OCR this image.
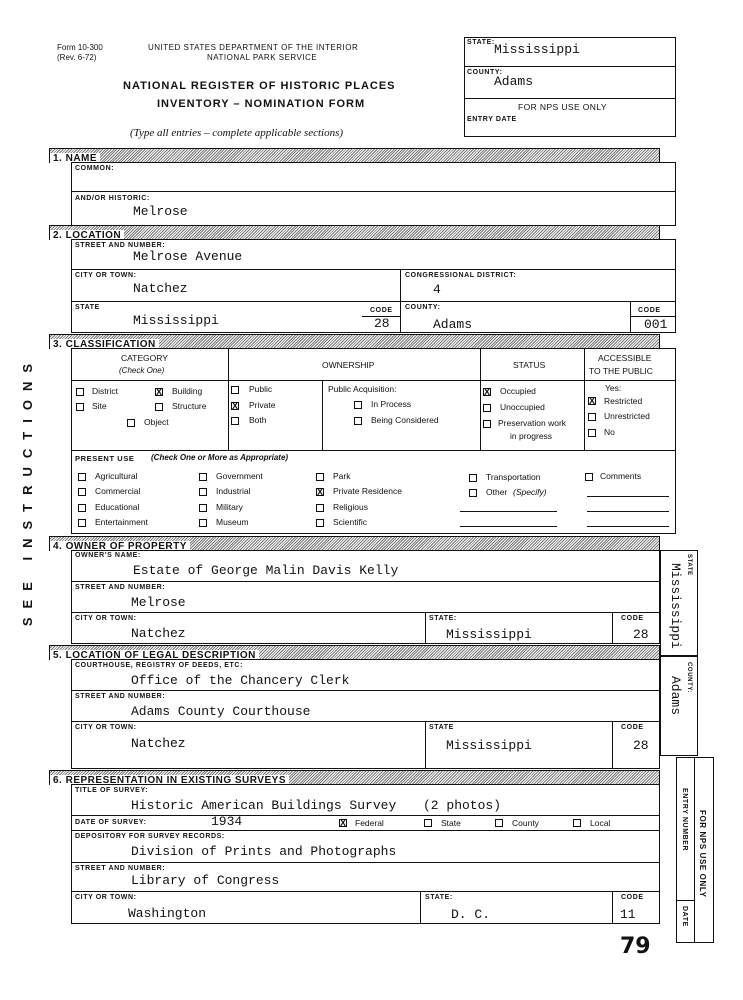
Form 10-300
(Rev. 6-72)
UNITED STATES DEPARTMENT OF THE INTERIOR
NATIONAL PARK SERVICE
NATIONAL REGISTER OF HISTORIC PLACES
INVENTORY – NOMINATION FORM
(Type all entries – complete applicable sections)
STATE: Mississippi
COUNTY:
Adams
FOR NPS USE ONLY
ENTRY DATE
SEE INSTRUCTIONS
1. NAME
COMMON:
AND/OR HISTORIC:
Melrose
2. LOCATION
STREET AND NUMBER:
Melrose Avenue
CITY OR TOWN:
Natchez
CONGRESSIONAL DISTRICT:
4
STATE
Mississippi
CODE
28
COUNTY:
Adams
CODE
001
3. CLASSIFICATION
CATEGORY
(Check One)
OWNERSHIP	STATUS
ACCESSIBLE
TO THE PUBLIC
District	X Building
Site	Structure
Object
Public
X Private
Both
Public Acquisition:
In Process
Being Considered
X Occupied
Unoccupied
Preservation work
in progress
Yes:
X Restricted
Unrestricted
No
PRESENT USE (Check One or More as Appropriate)
Agricultural
Commercial
Educational
Entertainment
Government
Industrial
Military
Museum
Park
X Private Residence
Religious
Scientific
Transportation
Other (Specify)
Comments
4. OWNER OF PROPERTY
OWNER'S NAME:
Estate of George Malin Davis Kelly
STREET AND NUMBER:
Melrose
CITY OR TOWN:
Natchez
STATE:
Mississippi
CODE
28
STATE
Mississippi
COUNTY:
Adams
5. LOCATION OF LEGAL DESCRIPTION
COURTHOUSE, REGISTRY OF DEEDS, ETC:
Office of the Chancery Clerk
STREET AND NUMBER:
Adams County Courthouse
CITY OR TOWN:
Natchez
STATE
Mississippi
CODE
28
6. REPRESENTATION IN EXISTING SURVEYS
TITLE OF SURVEY:
Historic American Buildings Survey (2 photos)
DATE OF SURVEY:	1934	X Federal	State	County	Local
DEPOSITORY FOR SURVEY RECORDS:
Division of Prints and Photographs
STREET AND NUMBER:
Library of Congress
CITY OR TOWN:
Washington
STATE:
D. C.
CODE
11
ENTRY NUMBER
DATE
FOR NPS USE ONLY
79
